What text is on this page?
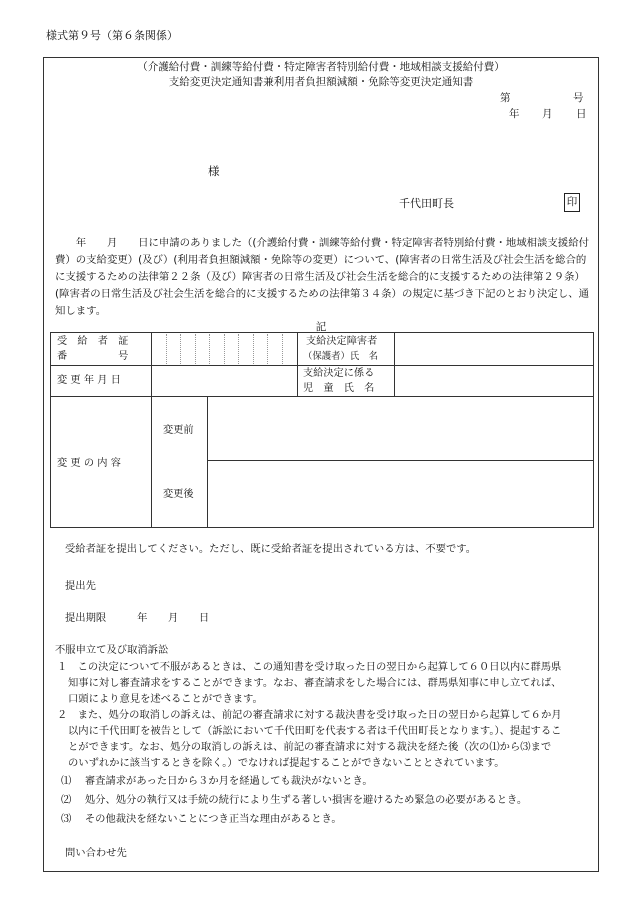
様式第９号（第６条関係）
（介護給付費・訓練等給付費・特定障害者特別給付費・地域相談支援給付費）
支給変更決定通知書兼利用者負担額減額・免除等変更決定通知書
第	号
年 月 日
様
千代田町長	印
　　年　　月　　日に申請のありました（(介護給付費・訓練等給付費・特定障害者特別給付費・地域相談支援給付費）の支給変更）(及び）(利用者負担額減額・免除等の変更）について、(障害者の日常生活及び社会生活を総合的に支援するための法律第２２条（及び）障害者の日常生活及び社会生活を総合的に支援するための法律第２９条）(障害者の日常生活及び社会生活を総合的に支援するための法律第３４条）の規定に基づき下記のとおり決定し、通知します。
記
受　給　者　証
番　　　　　号
支給決定障害者
（保護者）氏　名
変 更 年 月 日
支給決定に係る
児　童　氏　名
変 更 の 内 容
変更前
変更後
受給者証を提出してください。ただし、既に受給者証を提出されている方は、不要です。
提出先
提出期限　　　年　　月　　日
不服申立て及び取消訴訟
１　この決定について不服があるときは、この通知書を受け取った日の翌日から起算して６０日以内に群馬県
知事に対し審査請求をすることができます。なお、審査請求をした場合には、群馬県知事に申し立てれば、
口頭により意見を述べることができます。
２　また、処分の取消しの訴えは、前記の審査請求に対する裁決書を受け取った日の翌日から起算して６か月
以内に千代田町を被告として（訴訟において千代田町を代表する者は千代田町長となります。）、提起するこ
とができます。なお、処分の取消しの訴えは、前記の審査請求に対する裁決を経た後（次の⑴から⑶まで
のいずれかに該当するときを除く。）でなければ提起することができないこととされています。
⑴　 審査請求があった日から３か月を経過しても裁決がないとき。
⑵　 処分、処分の執行又は手続の続行により生ずる著しい損害を避けるため緊急の必要があるとき。
⑶　 その他裁決を経ないことにつき正当な理由があるとき。
問い合わせ先
